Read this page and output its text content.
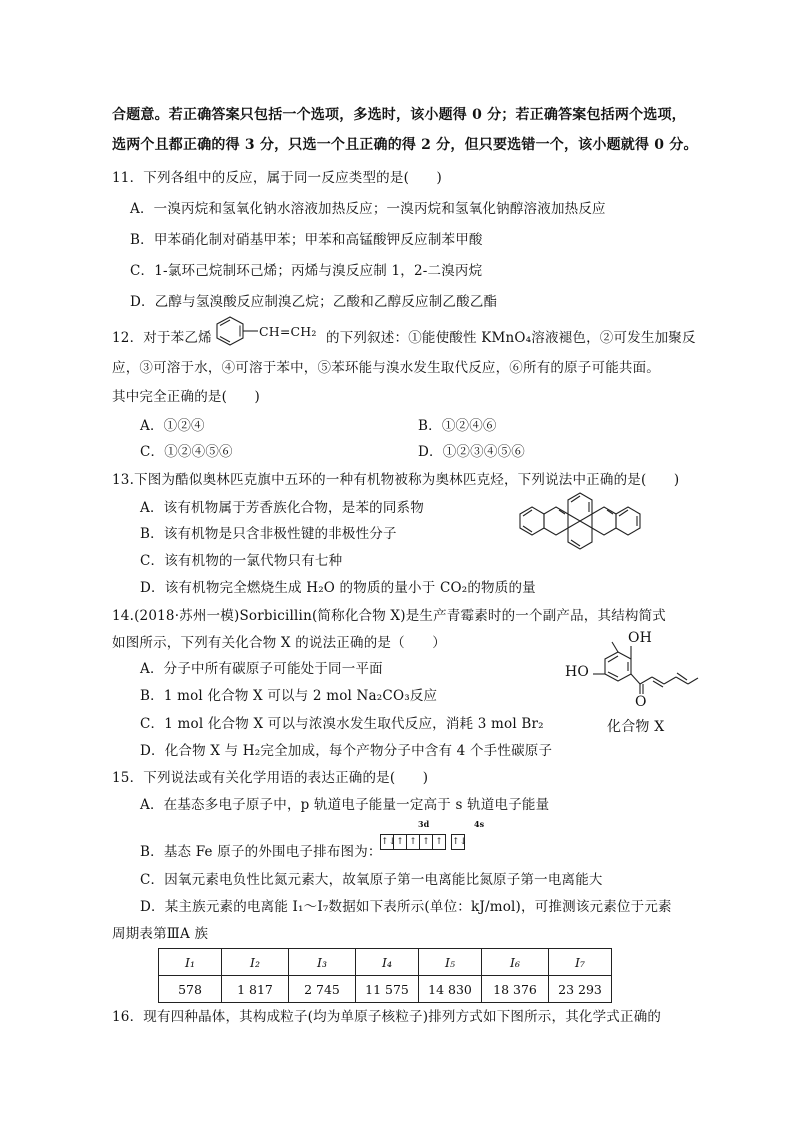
合题意。若正确答案只包括一个选项，多选时，该小题得 0 分；若正确答案包括两个选项，
选两个且都正确的得 3 分，只选一个且正确的得 2 分，但只要选错一个，该小题就得 0 分。
11．下列各组中的反应，属于同一反应类型的是(　　)
A．一溴丙烷和氢氧化钠水溶液加热反应；一溴丙烷和氢氧化钠醇溶液加热反应
B．甲苯硝化制对硝基甲苯；甲苯和高锰酸钾反应制苯甲酸
C．1-氯环己烷制环己烯；丙烯与溴反应制 1，2-二溴丙烷
D．乙醇与氢溴酸反应制溴乙烷；乙酸和乙醇反应制乙酸乙酯
12．对于苯乙烯	CH=CH₂ 的下列叙述：①能使酸性 KMnO₄溶液褪色，②可发生加聚反
应，③可溶于水，④可溶于苯中，⑤苯环能与溴水发生取代反应，⑥所有的原子可能共面。
其中完全正确的是(　　)
A．①②④	B．①②④⑥
C．①②④⑤⑥	D．①②③④⑤⑥
13.下图为酷似奥林匹克旗中五环的一种有机物被称为奥林匹克烃，下列说法中正确的是(　　)
A．该有机物属于芳香族化合物，是苯的同系物
B．该有机物是只含非极性键的非极性分子
C．该有机物的一氯代物只有七种
D．该有机物完全燃烧生成 H₂O 的物质的量小于 CO₂的物质的量
14.(2018·苏州一模)Sorbicillin(简称化合物 X)是生产青霉素时的一个副产品，其结构简式
如图所示，下列有关化合物 X 的说法正确的是（　　）
A．分子中所有碳原子可能处于同一平面
B．1 mol 化合物 X 可以与 2 mol Na₂CO₃反应
C．1 mol 化合物 X 可以与浓溴水发生取代反应，消耗 3 mol Br₂
D．化合物 X 与 H₂完全加成，每个产物分子中含有 4 个手性碳原子
OH
HO
O
化合物 X
15．下列说法或有关化学用语的表达正确的是(　　)
A．在基态多电子原子中，p 轨道电子能量一定高于 s 轨道电子能量
B．基态 Fe 原子的外围电子排布图为：
3d	4s
↑↓↑ ↑ ↑ ↑ ↑↓
C．因氧元素电负性比氮元素大，故氧原子第一电离能比氮原子第一电离能大
D．某主族元素的电离能 I₁～I₇数据如下表所示(单位：kJ/mol)，可推测该元素位于元素
周期表第ⅢA 族
I₁	I₂	I₃	I₄	I₅	I₆	I₇
578	1 817	2 745	11 575	14 830	18 376	23 293
16．现有四种晶体，其构成粒子(均为单原子核粒子)排列方式如下图所示，其化学式正确的
